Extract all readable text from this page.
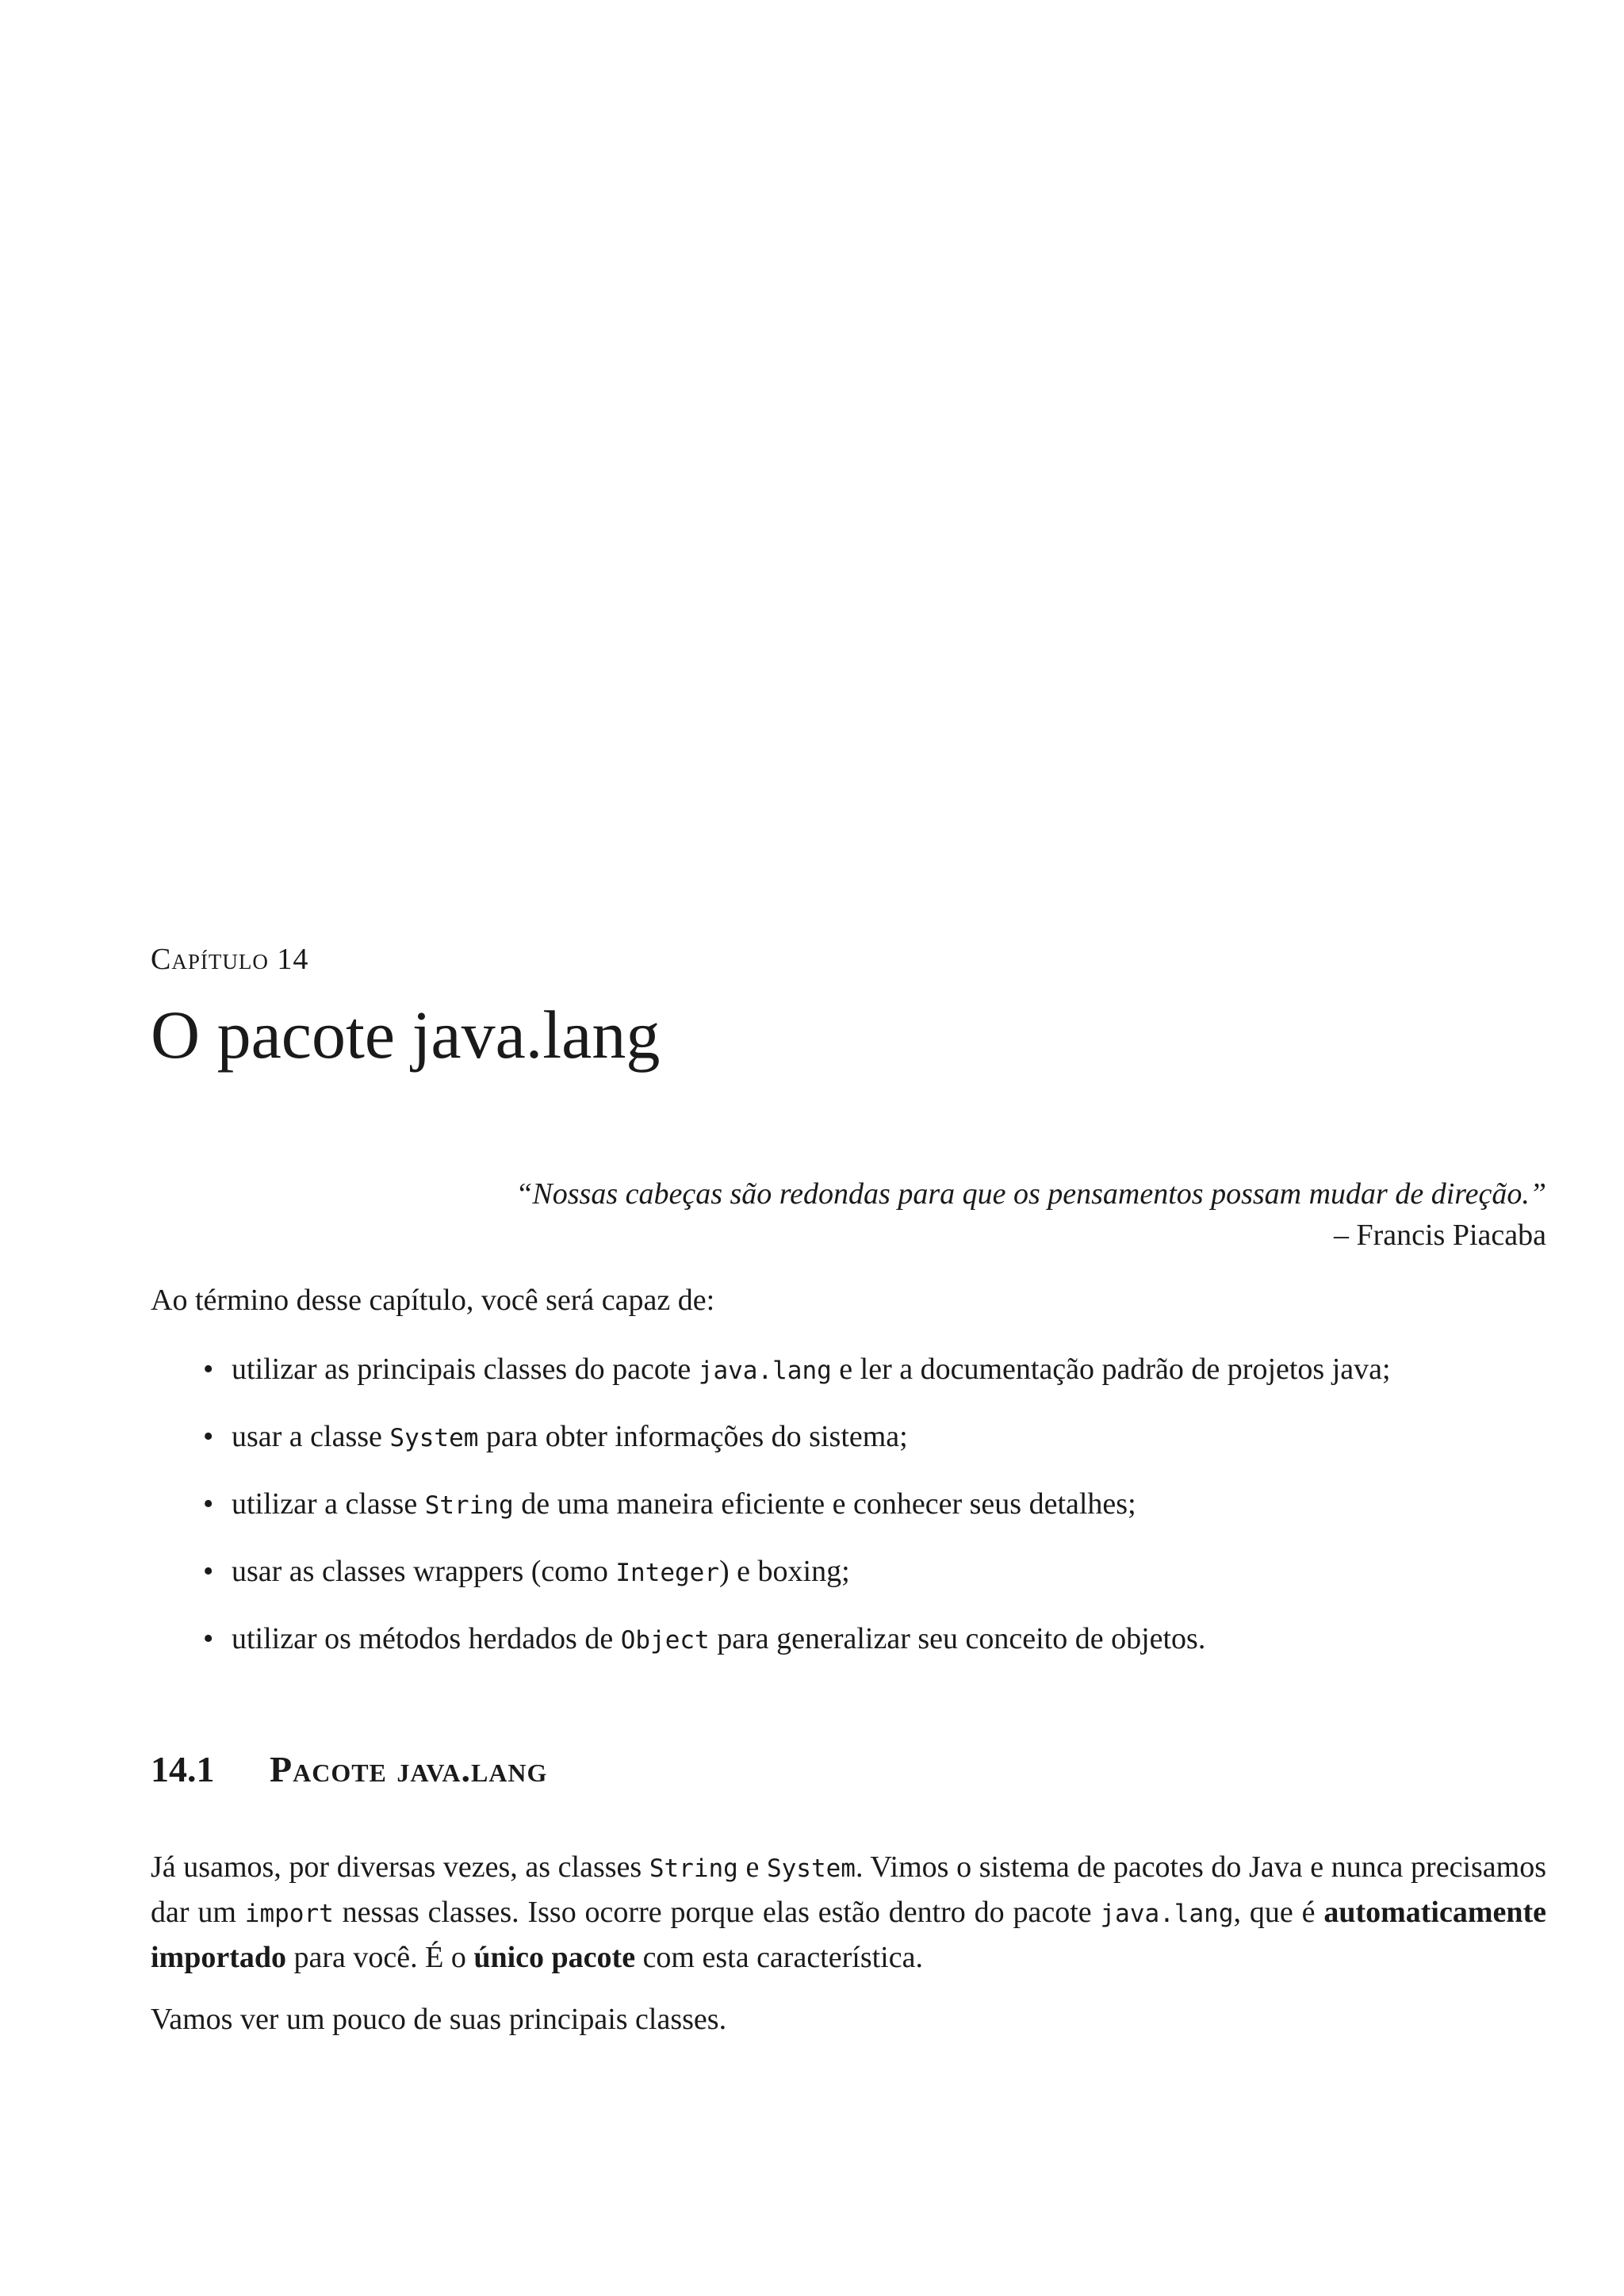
Capítulo 14
O pacote java.lang
“Nossas cabeças são redondas para que os pensamentos possam mudar de direção.”
– Francis Piacaba
Ao término desse capítulo, você será capaz de:
• utilizar as principais classes do pacote java.lang e ler a documentação padrão de projetos java;
• usar a classe System para obter informações do sistema;
• utilizar a classe String de uma maneira eficiente e conhecer seus detalhes;
• usar as classes wrappers (como Integer) e boxing;
• utilizar os métodos herdados de Object para generalizar seu conceito de objetos.
14.1 Pacote java.lang

Já usamos, por diversas vezes, as classes String e System. Vimos o sistema de pacotes do Java e nunca precisamos dar um import nessas classes. Isso ocorre porque elas estão dentro do pacote java.lang, que é automaticamente importado para você. É o único pacote com esta característica.

Vamos ver um pouco de suas principais classes.
